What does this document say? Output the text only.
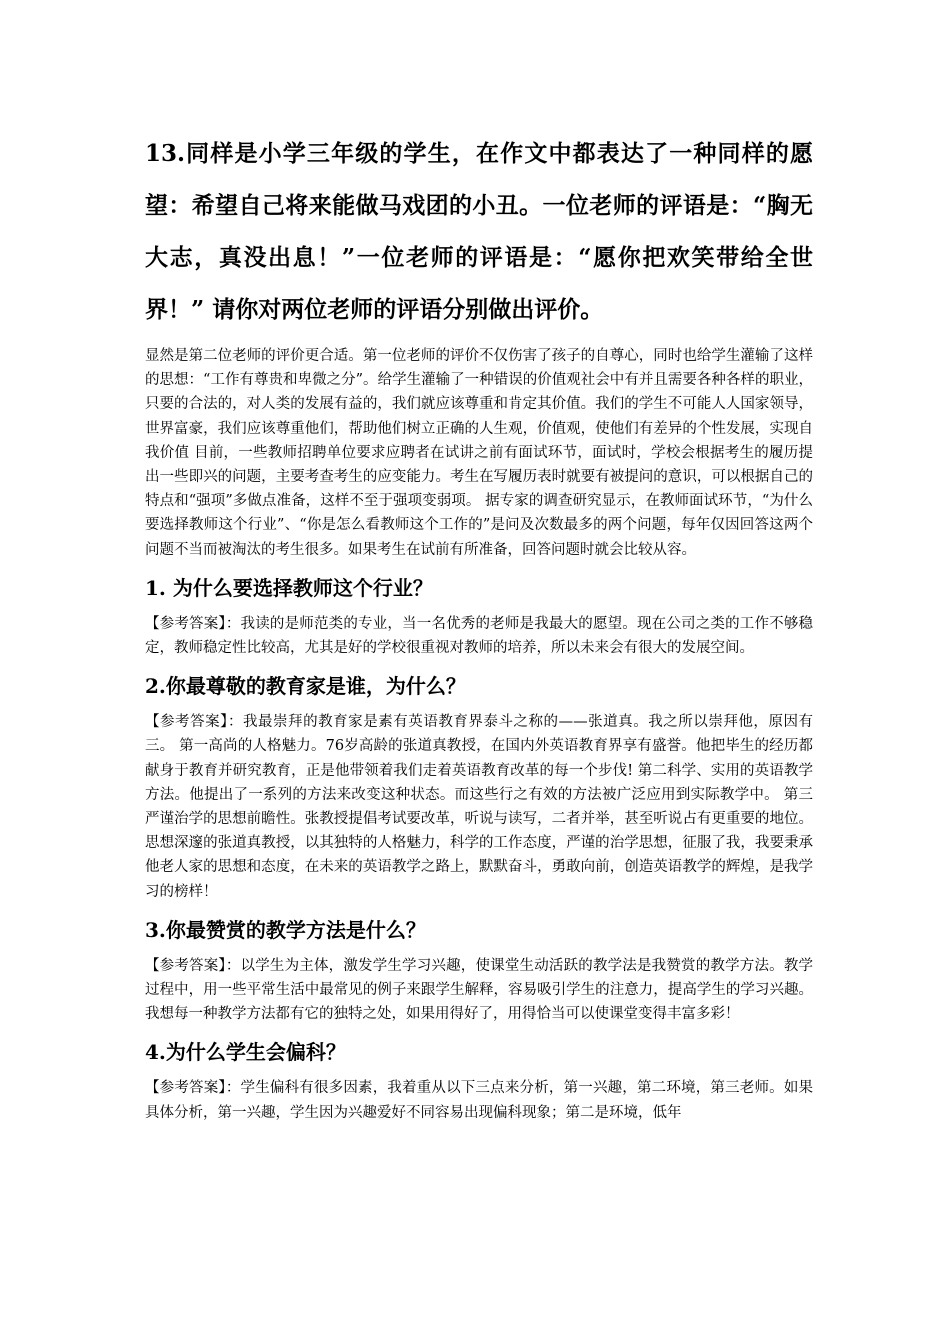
13.同样是小学三年级的学生，在作文中都表达了一种同样的愿望：希望自己将来能做马戏团的小丑。一位老师的评语是：“胸无大志，真没出息！”一位老师的评语是：“愿你把欢笑带给全世界！” 请你对两位老师的评语分别做出评价。

显然是第二位老师的评价更合适。第一位老师的评价不仅伤害了孩子的自尊心，同时也给学生灌输了这样的思想：“工作有尊贵和卑微之分”。给学生灌输了一种错误的价值观社会中有并且需要各种各样的职业，只要的合法的，对人类的发展有益的，我们就应该尊重和肯定其价值。我们的学生不可能人人国家领导，世界富豪，我们应该尊重他们，帮助他们树立正确的人生观，价值观，使他们有差异的个性发展，实现自我价值 目前，一些教师招聘单位要求应聘者在试讲之前有面试环节，面试时，学校会根据考生的履历提出一些即兴的问题，主要考查考生的应变能力。考生在写履历表时就要有被提问的意识，可以根据自己的特点和“强项”多做点准备，这样不至于强项变弱项。 据专家的调查研究显示，在教师面试环节，“为什么要选择教师这个行业”、“你是怎么看教师这个工作的”是问及次数最多的两个问题，每年仅因回答这两个问题不当而被淘汰的考生很多。如果考生在试前有所准备，回答问题时就会比较从容。

1. 为什么要选择教师这个行业？

【参考答案】：我读的是师范类的专业，当一名优秀的老师是我最大的愿望。现在公司之类的工作不够稳定，教师稳定性比较高，尤其是好的学校很重视对教师的培养，所以未来会有很大的发展空间。

2.你最尊敬的教育家是谁，为什么？

【参考答案】：我最崇拜的教育家是素有英语教育界泰斗之称的——张道真。我之所以崇拜他，原因有三。 第一高尚的人格魅力。76岁高龄的张道真教授，在国内外英语教育界享有盛誉。他把毕生的经历都献身于教育并研究教育，正是他带领着我们走着英语教育改革的每一个步伐! 第二科学、实用的英语教学方法。他提出了一系列的方法来改变这种状态。而这些行之有效的方法被广泛应用到实际教学中。 第三严谨治学的思想前瞻性。张教授提倡考试要改革，听说与读写，二者并举，甚至听说占有更重要的地位。思想深邃的张道真教授，以其独特的人格魅力，科学的工作态度，严谨的治学思想，征服了我，我要秉承他老人家的思想和态度，在未来的英语教学之路上，默默奋斗，勇敢向前，创造英语教学的辉煌，是我学习的榜样！

3.你最赞赏的教学方法是什么？

【参考答案】：以学生为主体，激发学生学习兴趣，使课堂生动活跃的教学法是我赞赏的教学方法。教学过程中，用一些平常生活中最常见的例子来跟学生解释，容易吸引学生的注意力，提高学生的学习兴趣。我想每一种教学方法都有它的独特之处，如果用得好了，用得恰当可以使课堂变得丰富多彩！

4.为什么学生会偏科？

【参考答案】：学生偏科有很多因素，我着重从以下三点来分析，第一兴趣，第二环境，第三老师。如果具体分析，第一兴趣，学生因为兴趣爱好不同容易出现偏科现象；第二是环境，低年
